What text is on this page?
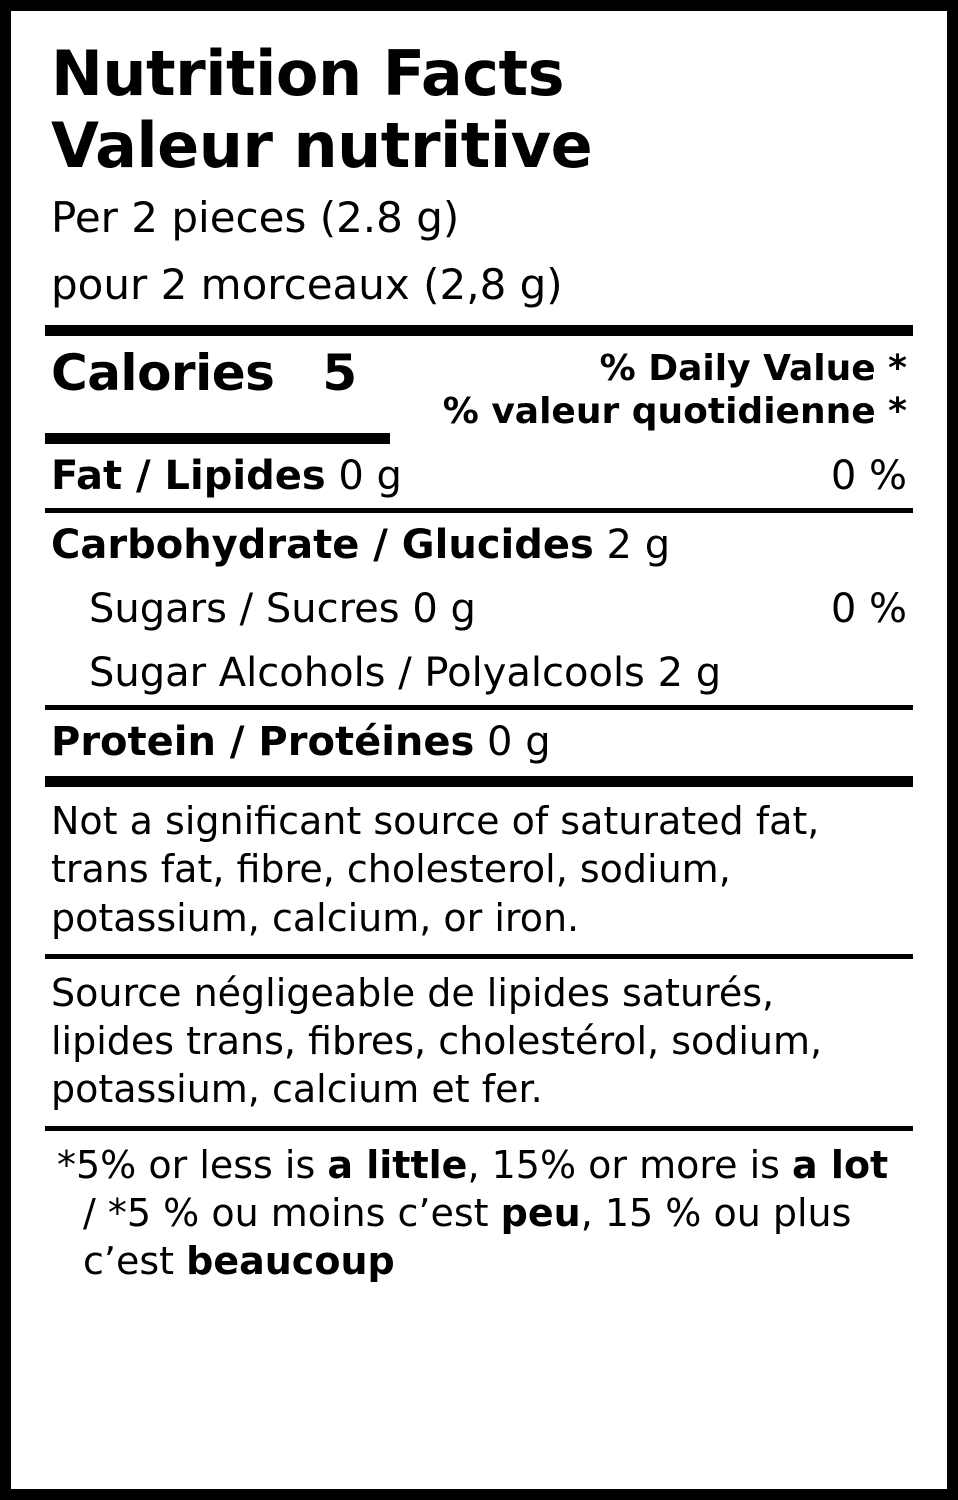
Nutrition Facts
Valeur nutritive
Per 2 pieces (2.8 g)
pour 2 morceaux (2,8 g)
Calories 5	% Daily Value *
% valeur quotidienne *
Fat / Lipides 0 g	0 %
Carbohydrate / Glucides 2 g
Sugars / Sucres 0 g	0 %
Sugar Alcohols / Polyalcools 2 g
Protein / Protéines 0 g
Not a significant source of saturated fat, trans fat, fibre, cholesterol, sodium, potassium, calcium, or iron.
Source négligeable de lipides saturés, lipides trans, fibres, cholestérol, sodium, potassium, calcium et fer.
*5% or less is a little, 15% or more is a lot / *5 % ou moins c’est peu, 15 % ou plus c’est beaucoup
